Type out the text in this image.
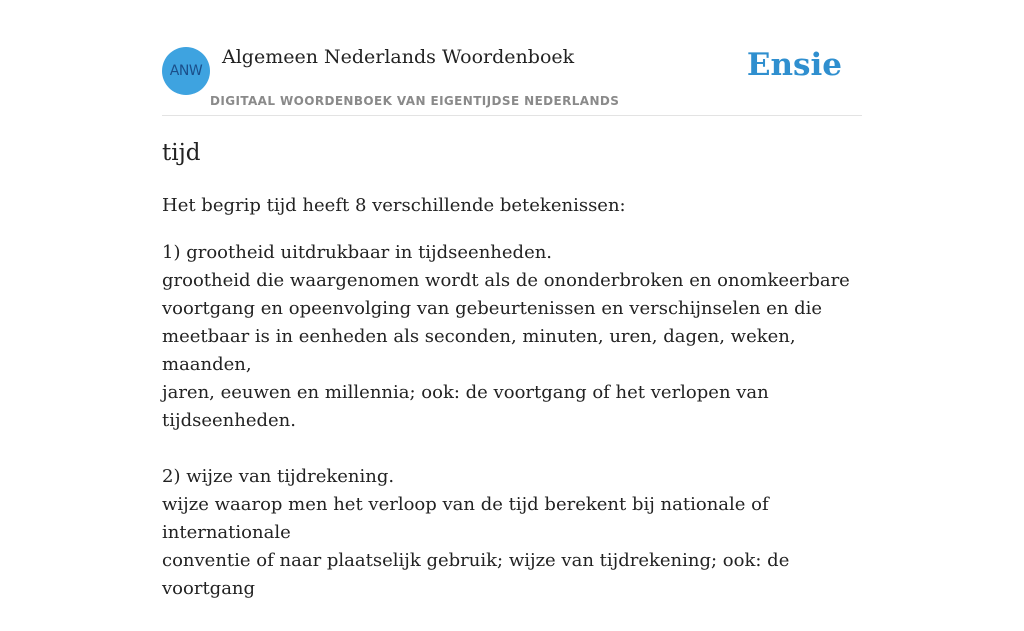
ANW
Algemeen Nederlands Woordenboek
DIGITAAL WOORDENBOEK VAN EIGENTIJDSE NEDERLANDS
Ensie
tijd

Het begrip tijd heeft 8 verschillende betekenissen:

1) grootheid uitdrukbaar in tijdseenheden.
grootheid die waargenomen wordt als de ononderbroken en onomkeerbare
voortgang en opeenvolging van gebeurtenissen en verschijnselen en die
meetbaar is in eenheden als seconden, minuten, uren, dagen, weken, maanden,
jaren, eeuwen en millennia; ook: de voortgang of het verlopen van
tijdseenheden.
2) wijze van tijdrekening.
wijze waarop men het verloop van de tijd berekent bij nationale of internationale
conventie of naar plaatselijk gebruik; wijze van tijdrekening; ook: de voortgang
